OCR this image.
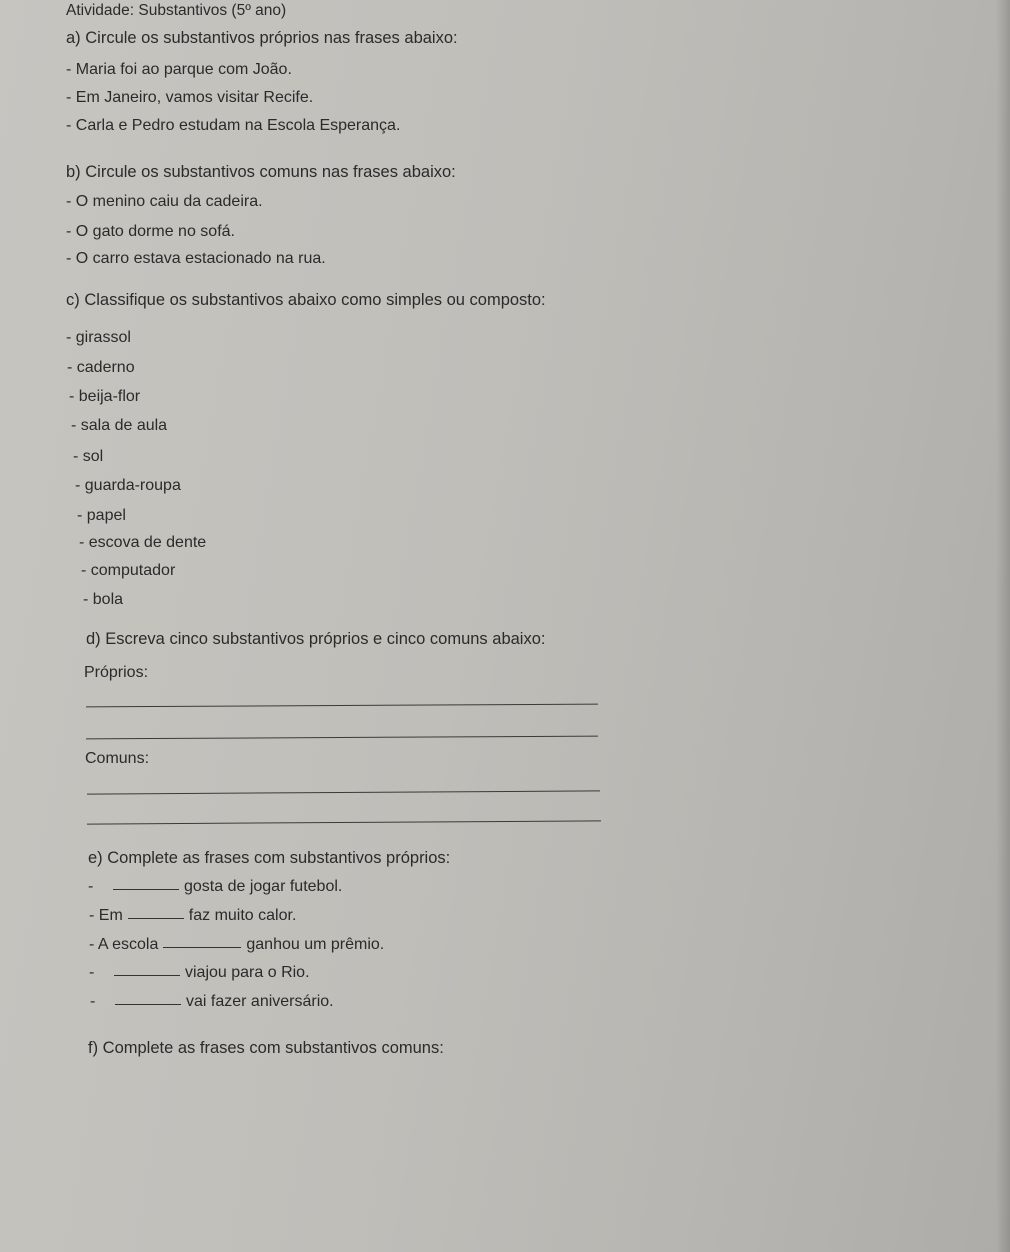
Atividade: Substantivos (5º ano)
a) Circule os substantivos próprios nas frases abaixo:
- Maria foi ao parque com João.
- Em Janeiro, vamos visitar Recife.
- Carla e Pedro estudam na Escola Esperança.
b) Circule os substantivos comuns nas frases abaixo:
- O menino caiu da cadeira.
- O gato dorme no sofá.
- O carro estava estacionado na rua.
c) Classifique os substantivos abaixo como simples ou composto:
- girassol
- caderno
- beija-flor
- sala de aula
- sol
- guarda-roupa
- papel
- escova de dente
- computador
- bola
d) Escreva cinco substantivos próprios e cinco comuns abaixo:
Próprios:
Comuns:
e) Complete as frases com substantivos próprios:
-	gosta de jogar futebol.
- Em	faz muito calor.
- A escola	ganhou um prêmio.
-	viajou para o Rio.
-	vai fazer aniversário.
f) Complete as frases com substantivos comuns:
